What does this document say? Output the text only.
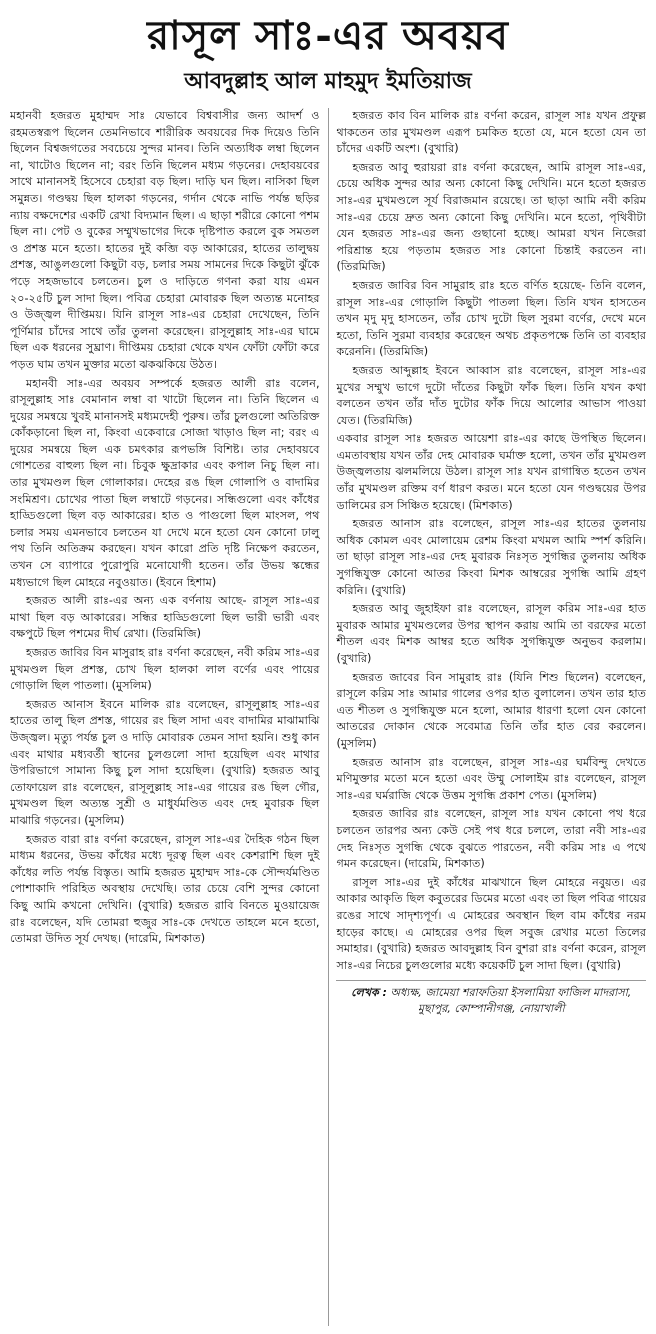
রাসূল সাঃ-এর অবয়ব
আবদুল্লাহ আল মাহমুদ ইমতিয়াজ

মহানবী হজরত মুহাম্মদ সাঃ যেভাবে বিশ্ববাসীর জন্য আদর্শ ও রহমতস্বরূপ ছিলেন তেমনিভাবে শারীরিক অবয়বের দিক দিয়েও তিনি ছিলেন বিশ্বজগতের সবচেয়ে সুন্দর মানব। তিনি অত্যধিক লম্বা ছিলেন না, খাটোও ছিলেন না; বরং তিনি ছিলেন মধ্যম গড়নের। দেহাবয়বের সাথে মানানসই হিসেবে চেহারা বড় ছিল। দাড়ি ঘন ছিল। নাসিকা ছিল সমুন্নত। গণ্ডদ্বয় ছিল হালকা গড়নের, গর্দান থেকে নাভি পর্যন্ত ছড়ির ন্যায় বক্ষদেশের একটি রেখা বিদ্যমান ছিল। এ ছাড়া শরীরে কোনো পশম ছিল না। পেট ও বুকের সম্মুখভাগের দিকে দৃষ্টিপাত করলে বুক সমতল ও প্রশস্ত মনে হতো। হাতের দুই কব্জি বড় আকারের, হাতের তালুদ্বয় প্রশস্ত, আঙুলগুলো কিছুটা বড়, চলার সময় সামনের দিকে কিছুটা ঝুঁকে পড়ে সহজভাবে চলতেন। চুল ও দাড়িতে গণনা করা যায় এমন ২০-২৫টি চুল সাদা ছিল। পবিত্র চেহারা মোবারক ছিল অত্যন্ত মনোহর ও উজ্জ্বল দীপ্তিময়। যিনি রাসূল সাঃ-এর চেহারা দেখেছেন, তিনি পূর্ণিমার চাঁদের সাথে তাঁর তুলনা করেছেন। রাসূলুল্লাহ সাঃ-এর ঘামে ছিল এক ধরনের সুঘ্রাণ। দীপ্তিময় চেহারা থেকে যখন ফোঁটা ফোঁটা করে পড়ত ঘাম তখন মুক্তার মতো ঝকঝকিয়ে উঠত।

মহানবী সাঃ-এর অবয়ব সম্পর্কে হজরত আলী রাঃ বলেন, রাসূলুল্লাহ সাঃ বেমানান লম্বা বা খাটো ছিলেন না। তিনি ছিলেন এ দুয়ের সমন্বয়ে খুবই মানানসই মধ্যমদেহী পুরুষ। তাঁর চুলগুলো অতিরিক্ত কোঁকড়ানো ছিল না, কিংবা একেবারে সোজা খাড়াও ছিল না; বরং এ দুয়ের সমন্বয়ে ছিল এক চমৎকার রূপভঙ্গি বিশিষ্ট। তার দেহাবয়বে গোশতের বাহুল্য ছিল না। চিবুক ক্ষুদ্রাকার এবং কপাল নিচু ছিল না। তার মুখমণ্ডল ছিল গোলাকার। দেহের রঙ ছিল গোলাপি ও বাদামির সংমিশ্রণ। চোখের পাতা ছিল লম্বাটে গড়নের। সন্ধিগুলো এবং কাঁধের হাড্ডিগুলো ছিল বড় আকারের। হাত ও পাগুলো ছিল মাংসল, পথ চলার সময় এমনভাবে চলতেন যা দেখে মনে হতো যেন কোনো ঢালু পথ তিনি অতিক্রম করছেন। যখন কারো প্রতি দৃষ্টি নিক্ষেপ করতেন, তখন সে ব্যাপারে পুরোপুরি মনোযোগী হতেন। তাঁর উভয় স্কন্ধের মধ্যভাগে ছিল মোহরে নবুওয়াত। (ইবনে হিশাম)

হজরত আলী রাঃ-এর অন্য এক বর্ণনায় আছে- রাসূল সাঃ-এর মাথা ছিল বড় আকারের। সন্ধির হাড্ডিগুলো ছিল ভারী ভারী এবং বক্ষপুটে ছিল পশমের দীর্ঘ রেখা। (তিরমিজি)

হজরত জাবির বিন মাসুরাহ রাঃ বর্ণনা করেছেন, নবী করিম সাঃ-এর মুখমণ্ডল ছিল প্রশস্ত, চোখ ছিল হালকা লাল বর্ণের এবং পায়ের গোড়ালি ছিল পাতলা। (মুসলিম)

হজরত আনাস ইবনে মালিক রাঃ বলেছেন, রাসূলুল্লাহ সাঃ-এর হাতের তালু ছিল প্রশস্ত, গায়ের রং ছিল সাদা এবং বাদামির মাঝামাঝি উজ্জ্বল। মৃত্যু পর্যন্ত চুল ও দাড়ি মোবারক তেমন সাদা হয়নি। শুধু কান এবং মাথার মধ্যবর্তী স্থানের চুলগুলো সাদা হয়েছিল এবং মাথার উপরিভাগে সামান্য কিছু চুল সাদা হয়েছিল। (বুখারি) হজরত আবু তোফায়েল রাঃ বলেছেন, রাসূলুল্লাহ সাঃ-এর গায়ের রঙ ছিল গৌর, মুখমণ্ডল ছিল অত্যন্ত সুশ্রী ও মাধুর্যমণ্ডিত এবং দেহ মুবারক ছিল মাঝারি গড়নের। (মুসলিম)

হজরত বারা রাঃ বর্ণনা করেছেন, রাসূল সাঃ-এর দৈহিক গঠন ছিল মাধ্যম ধরনের, উভয় কাঁধের মধ্যে দূরত্ব ছিল এবং কেশরাশি ছিল দুই কাঁধের লতি পর্যন্ত বিস্তৃত। আমি হজরত মুহাম্মদ সাঃ-কে সৌন্দর্যমণ্ডিত পোশাকাদি পরিহিত অবস্থায় দেখেছি। তার চেয়ে বেশি সুন্দর কোনো কিছু আমি কখনো দেখিনি। (বুখারি) হজরত রাবি বিনতে মুওয়ায়েজ রাঃ বলেছেন, যদি তোমরা হুজুর সাঃ-কে দেখতে তাহলে মনে হতো, তোমরা উদিত সূর্য দেখছ। (দারেমি, মিশকাত)

হজরত কাব বিন মালিক রাঃ বর্ণনা করেন, রাসূল সাঃ যখন প্রফুল্ল থাকতেন তার মুখমণ্ডল এরূপ চমকিত হতো যে, মনে হতো যেন তা চাঁদের একটি অংশ। (বুখারি)

হজরত আবু হুরায়রা রাঃ বর্ণনা করেছেন, আমি রাসূল সাঃ-এর, চেয়ে অধিক সুন্দর আর অন্য কোনো কিছু দেখিনি। মনে হতো হজরত সাঃ-এর মুখমণ্ডলে সূর্য বিরাজমান রয়েছে। তা ছাড়া আমি নবী করিম সাঃ-এর চেয়ে দ্রুত অন্য কোনো কিছু দেখিনি। মনে হতো, পৃথিবীটা যেন হজরত সাঃ-এর জন্য গুছানো হচ্ছে। আমরা যখন নিজেরা পরিশ্রান্ত হয়ে পড়তাম হজরত সাঃ কোনো চিন্তাই করতেন না। (তিরমিজি)

হজরত জাবির বিন সামুরাহ রাঃ হতে বর্ণিত হয়েছে- তিনি বলেন, রাসূল সাঃ-এর গোড়ালি কিছুটা পাতলা ছিল। তিনি যখন হাসতেন তখন মৃদু মৃদু হাসতেন, তাঁর চোখ দুটো ছিল সুরমা বর্ণের, দেখে মনে হতো, তিনি সুরমা ব্যবহার করেছেন অথচ প্রকৃতপক্ষে তিনি তা ব্যবহার করেননি। (তিরমিজি)

হজরত আব্দুল্লাহ ইবনে আব্বাস রাঃ বলেছেন, রাসূল সাঃ-এর মুখের সম্মুখ ভাগে দুটো দাঁতের কিছুটা ফাঁক ছিল। তিনি যখন কথা বলতেন তখন তাঁর দাঁত দুটোর ফাঁক দিয়ে আলোর আভাস পাওয়া যেত। (তিরমিজি)

একবার রাসূল সাঃ হজরত আয়েশা রাঃ-এর কাছে উপস্থিত ছিলেন। এমতাবস্থায় যখন তাঁর দেহ মোবারক ঘর্মাক্ত হলো, তখন তাঁর মুখমণ্ডল উজ্জ্বলতায় ঝলমলিয়ে উঠল। রাসূল সাঃ যখন রাগান্বিত হতেন তখন তাঁর মুখমণ্ডল রক্তিম বর্ণ ধারণ করত। মনে হতো যেন গণ্ডদ্বয়ের উপর ডালিমের রস সিঞ্চিত হয়েছে। (মিশকাত)

হজরত আনাস রাঃ বলেছেন, রাসূল সাঃ-এর হাতের তুলনায় অধিক কোমল এবং মোলায়েম রেশম কিংবা মখমল আমি স্পর্শ করিনি। তা ছাড়া রাসূল সাঃ-এর দেহ মুবারক নিঃসৃত সুগন্ধির তুলনায় অধিক সুগন্ধিযুক্ত কোনো আতর কিংবা মিশক আম্বরের সুগন্ধি আমি গ্রহণ করিনি। (বুখারি)

হজরত আবু জুহাইফা রাঃ বলেছেন, রাসূল করিম সাঃ-এর হাত মুবারক আমার মুখমণ্ডলের উপর স্থাপন করায় আমি তা বরফের মতো শীতল এবং মিশক আম্বর হতে অধিক সুগন্ধিযুক্ত অনুভব করলাম। (বুখারি)

হজরত জাবের বিন সামুরাহ রাঃ (যিনি শিশু ছিলেন) বলেছেন, রাসূলে করিম সাঃ আমার গালের ওপর হাত বুলালেন। তখন তার হাত এত শীতল ও সুগন্ধিযুক্ত মনে হলো, আমার ধারণা হলো যেন কোনো আতরের দোকান থেকে সবেমাত্র তিনি তাঁর হাত বের করলেন। (মুসলিম)

হজরত আনাস রাঃ বলেছেন, রাসূল সাঃ-এর ঘর্মবিন্দু দেখতে মণিমুক্তার মতো মনে হতো এবং উম্মু সোলাইম রাঃ বলেছেন, রাসূল সাঃ-এর ঘর্মরাজি থেকে উত্তম সুগন্ধি প্রকাশ পেত। (মুসলিম)

হজরত জাবির রাঃ বলেছেন, রাসূল সাঃ যখন কোনো পথ ধরে চলতেন তারপর অন্য কেউ সেই পথ ধরে চললে, তারা নবী সাঃ-এর দেহ নিঃসৃত সুগন্ধি থেকে বুঝতে পারতেন, নবী করিম সাঃ এ পথে গমন করেছেন। (দারেমি, মিশকাত)

রাসূল সাঃ-এর দুই কাঁধের মাঝখানে ছিল মোহরে নবুয়ত। এর আকার আকৃতি ছিল কবুতরের ডিমের মতো এবং তা ছিল পবিত্র গায়ের রঙের সাথে সাদৃশ্যপূর্ণ। এ মোহরের অবস্থান ছিল বাম কাঁধের নরম হাড়ের কাছে। এ মোহরের ওপর ছিল সবুজ রেখার মতো তিলের সমাহার। (বুখারি) হজরত আবদুল্লাহ বিন বুশরা রাঃ বর্ণনা করেন, রাসূল সাঃ-এর নিচের চুলগুলোর মধ্যে কয়েকটি চুল সাদা ছিল। (বুখারি)

লেখক : অধ্যক্ষ, জামেয়া শরাফতিয়া ইসলামিয়া ফাজিল মাদরাসা, মুছাপুর, কোম্পানীগঞ্জ, নোয়াখালী
